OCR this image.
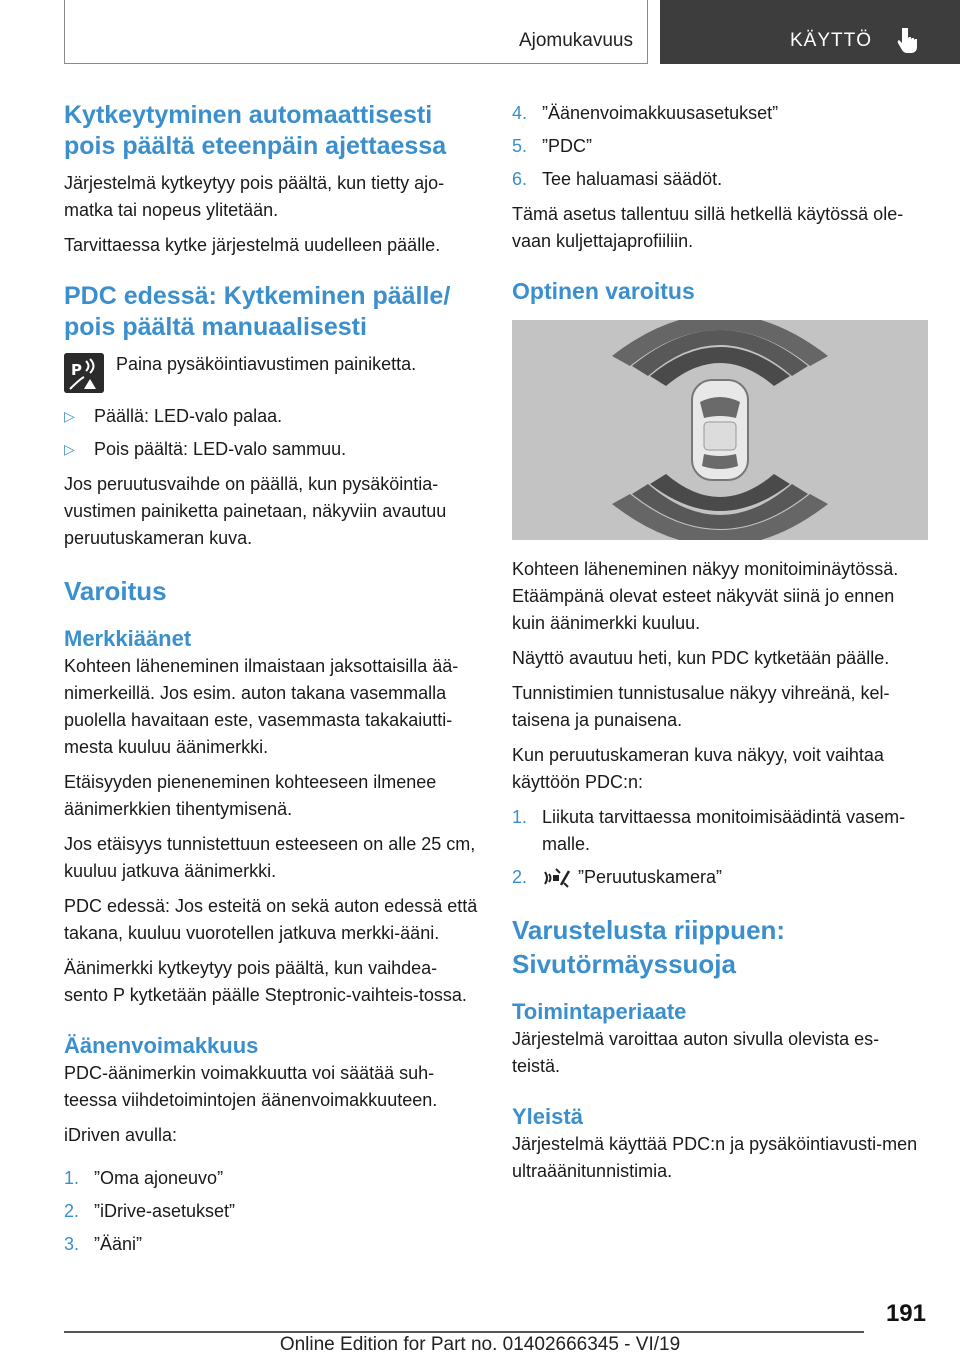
Ajomukavuus	KÄYTTÖ
Kytkeytyminen automaattisesti pois päältä eteenpäin ajettaessa

Järjestelmä kytkeytyy pois päältä, kun tietty ajo-matka tai nopeus ylitetään.

Tarvittaessa kytke järjestelmä uudelleen päälle.

PDC edessä: Kytkeminen päälle/ pois päältä manuaalisesti
P Paina pysäköintiavustimen painiketta.

▷ Päällä: LED-valo palaa.
▷ Pois päältä: LED-valo sammuu.

Jos peruutusvaihde on päällä, kun pysäköintia-vustimen painiketta painetaan, näkyviin avautuu peruutuskameran kuva.

Varoitus
Merkkiäänet

Kohteen läheneminen ilmaistaan jaksottaisilla ää-nimerkeillä. Jos esim. auton takana vasemmalla puolella havaitaan este, vasemmasta takakaiutti-mesta kuuluu äänimerkki.

Etäisyyden pieneneminen kohteeseen ilmenee äänimerkkien tihentymisenä.

Jos etäisyys tunnistettuun esteeseen on alle 25 cm, kuuluu jatkuva äänimerkki.

PDC edessä: Jos esteitä on sekä auton edessä että takana, kuuluu vuorotellen jatkuva merkki-ääni.

Äänimerkki kytkeytyy pois päältä, kun vaihdea-sento P kytketään päälle Steptronic-vaihteis-tossa.

Äänenvoimakkuus

PDC-äänimerkin voimakkuutta voi säätää suh-teessa viihdetoimintojen äänenvoimakkuuteen.

iDriven avulla:

1. ”Oma ajoneuvo”
2. ”iDrive-asetukset”
3. ”Ääni”
4. ”Äänenvoimakkuusasetukset”
5. ”PDC”
6. Tee haluamasi säädöt.

Tämä asetus tallentuu sillä hetkellä käytössä ole-vaan kuljettajaprofiiliin.

Optinen varoitus

Kohteen läheneminen näkyy monitoiminäytössä. Etäämpänä olevat esteet näkyvät siinä jo ennen kuin äänimerkki kuuluu.

Näyttö avautuu heti, kun PDC kytketään päälle.

Tunnistimien tunnistusalue näkyy vihreänä, kel-taisena ja punaisena.

Kun peruutuskameran kuva näkyy, voit vaihtaa käyttöön PDC:n:

1. Liikuta tarvittaessa monitoimisäädintä vasem-malle.
2.	”Peruutuskamera”
Varustelusta riippuen: Sivutörmäyssuoja
Toimintaperiaate

Järjestelmä varoittaa auton sivulla olevista es-teistä.

Yleistä

Järjestelmä käyttää PDC:n ja pysäköintiavusti-men ultraäänitunnistimia.

191
Online Edition for Part no. 01402666345 - VI/19
